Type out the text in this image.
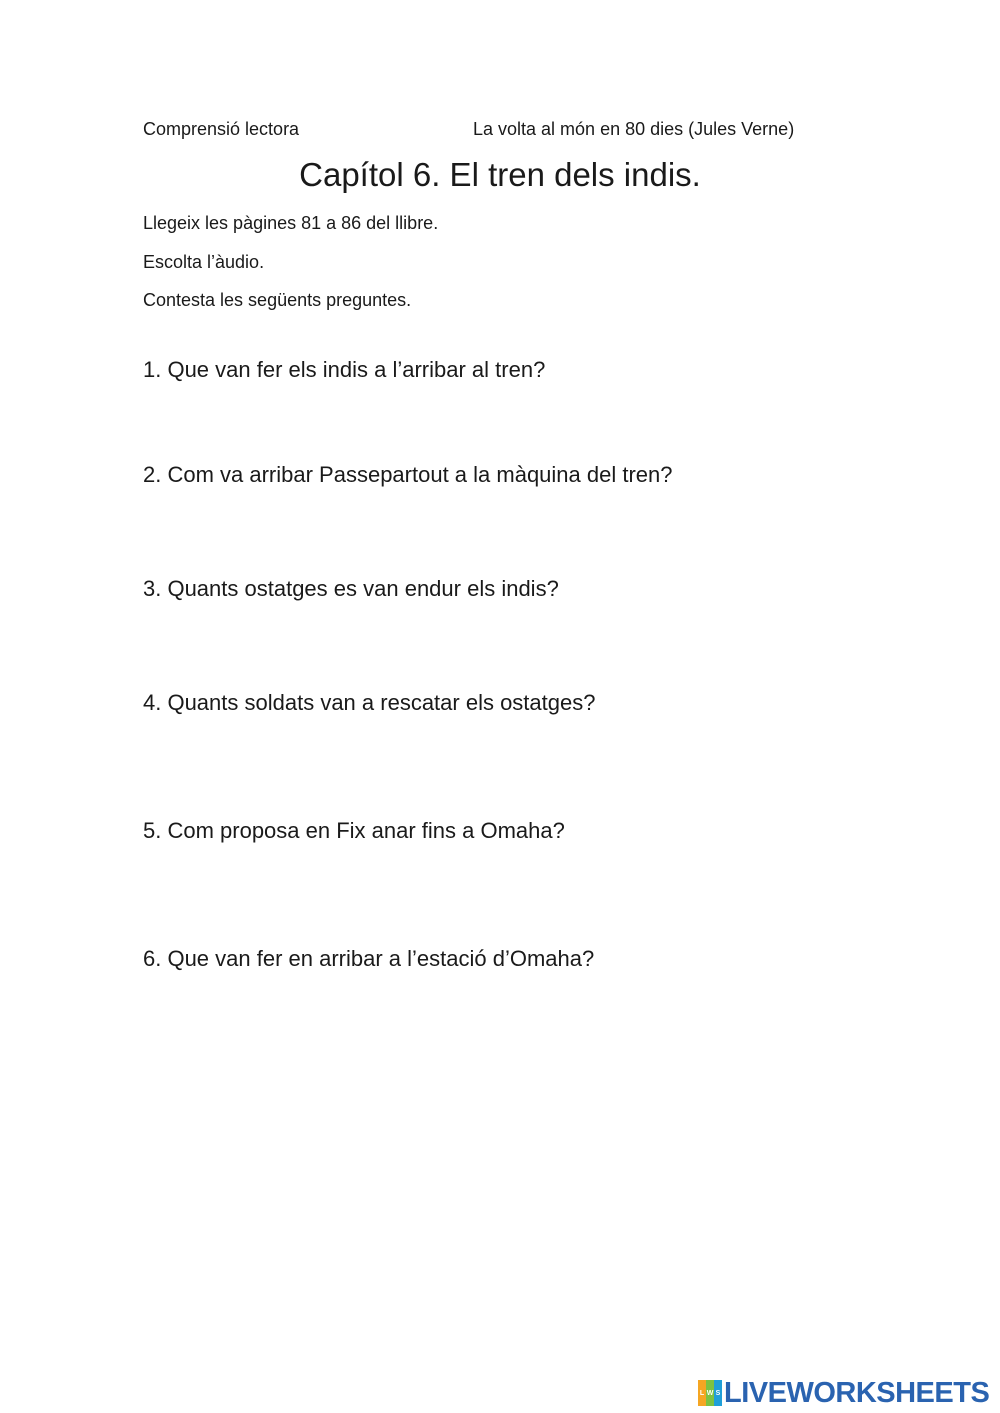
Comprensió lectora	La volta al món en 80 dies (Jules Verne)
Capítol 6. El tren dels indis.
Llegeix les pàgines 81 a 86 del llibre.
Escolta l’àudio.
Contesta les següents preguntes.
1. Que van fer els indis a l’arribar al tren?
2. Com va arribar Passepartout a la màquina del tren?
3. Quants ostatges es van endur els indis?
4. Quants soldats van a rescatar els ostatges?
5. Com proposa en Fix anar fins a Omaha?
6. Que van fer en arribar a l’estació d’Omaha?
L W S LIVEWORKSHEETS
